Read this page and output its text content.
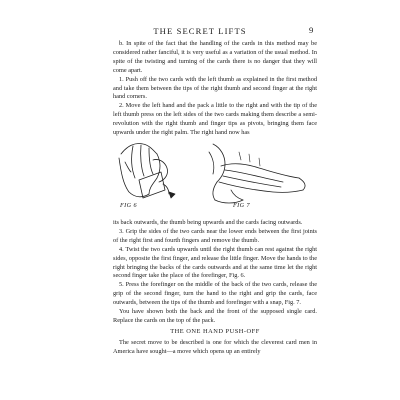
THE SECRET LIFTS	9

b. In spite of the fact that the handling of the cards in this method may be considered rather fanciful, it is very useful as a variation of the usual method. In spite of the twisting and turning of the cards there is no danger that they will come apart.

1. Push off the two cards with the left thumb as explained in the first method and take them between the tips of the right thumb and second finger at the right hand corners.

2. Move the left hand and the pack a little to the right and with the tip of the left thumb press on the left sides of the two cards making them describe a semi-revolution with the right thumb and finger tips as pivots, bringing them face upwards under the right palm. The right hand now has

FIG 6	FIG 7

its back outwards, the thumb being upwards and the cards facing outwards.

3. Grip the sides of the two cards near the lower ends between the first joints of the right first and fourth fingers and remove the thumb.

4. Twist the two cards upwards until the right thumb can rest against the right sides, opposite the first finger, and release the little finger. Move the hands to the right bringing the backs of the cards outwards and at the same time let the right second finger take the place of the forefinger, Fig. 6.

5. Press the forefinger on the middle of the back of the two cards, release the grip of the second finger, turn the hand to the right and grip the cards, face outwards, between the tips of the thumb and forefinger with a snap, Fig. 7.

You have shown both the back and the front of the supposed single card. Replace the cards on the top of the pack.

THE ONE HAND PUSH-OFF

The secret move to be described is one for which the cleverest card men in America have sought—a move which opens up an entirely
